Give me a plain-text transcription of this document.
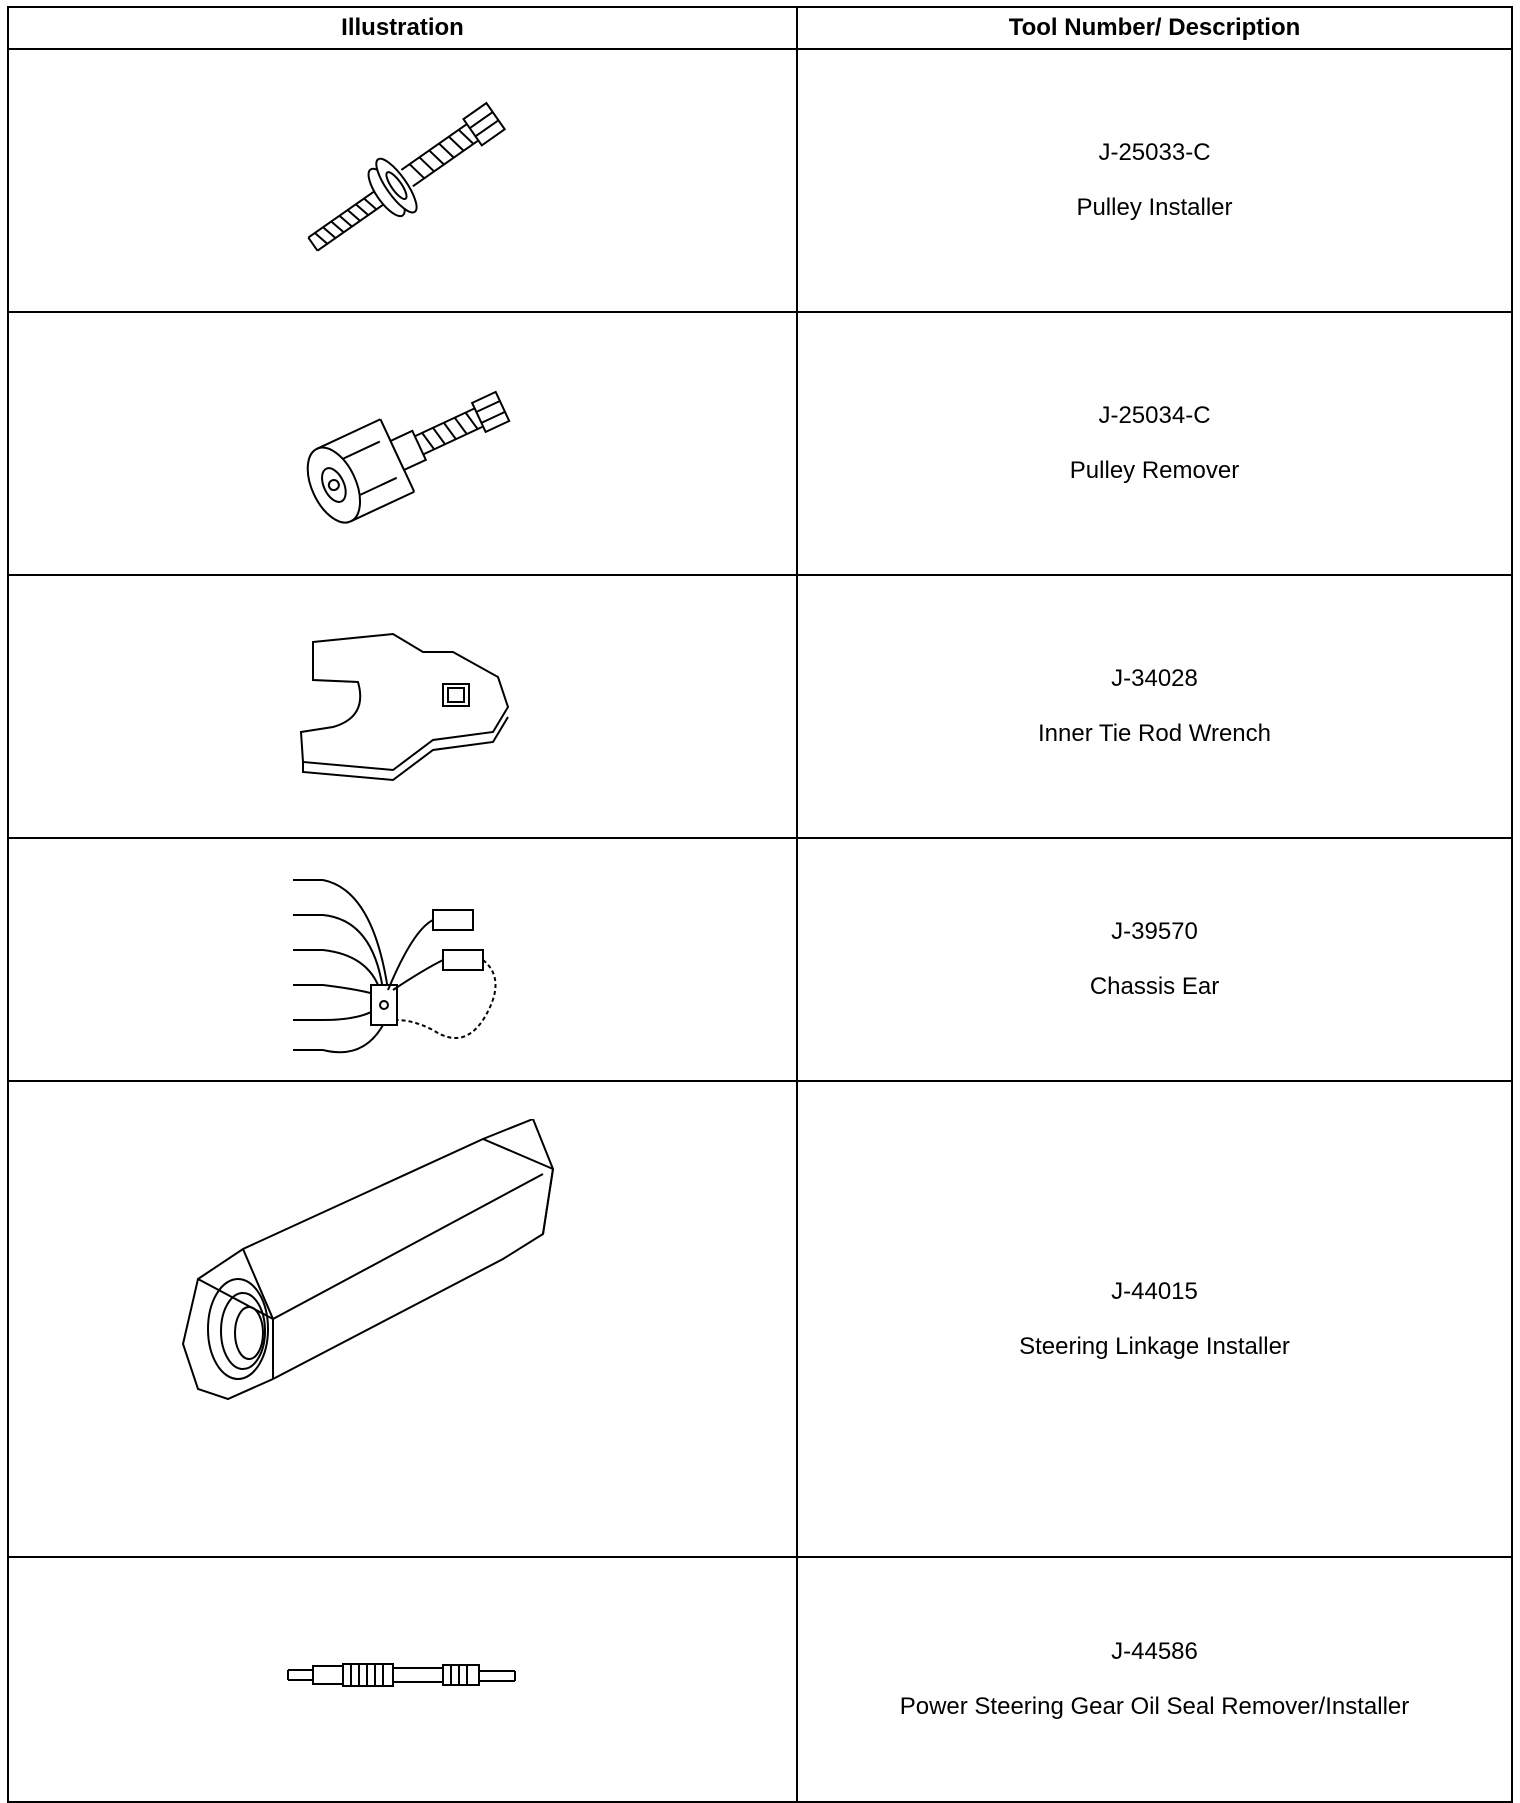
Illustration	Tool Number/ Description

J-25033-C
Pulley Installer

J-25034-C
Pulley Remover

J-34028
Inner Tie Rod Wrench

J-39570
Chassis Ear

J-44015
Steering Linkage Installer

J-44586
Power Steering Gear Oil Seal Remover/Installer
